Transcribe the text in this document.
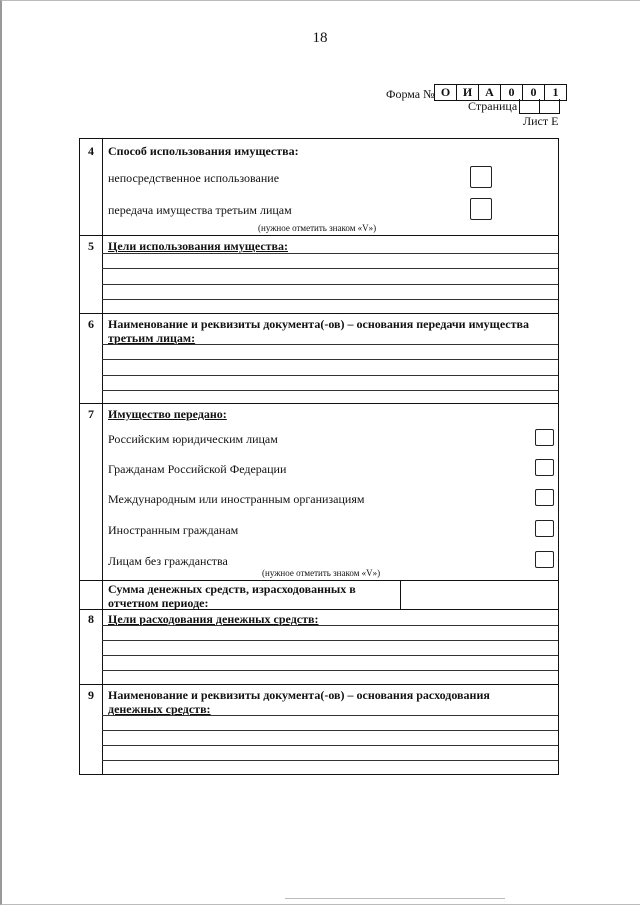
18
Форма № О	И	А	0	0	1
Страница
Лист Е
4	Способ использования имущества:
непосредственное использование
передача имущества третьим лицам
(нужное отметить знаком «V»)
5	Цели использования имущества:
6	Наименование и реквизиты документа(-ов) – основания передачи имущества
третьим лицам:
7	Имущество передано:
Российским юридическим лицам
Гражданам Российской Федерации
Международным или иностранным организациям
Иностранным гражданам
Лицам без гражданства
(нужное отметить знаком «V»)
Сумма денежных средств, израсходованных в
отчетном периоде:
8	Цели расходования денежных средств:
9	Наименование и реквизиты документа(-ов) – основания расходования
денежных средств:
